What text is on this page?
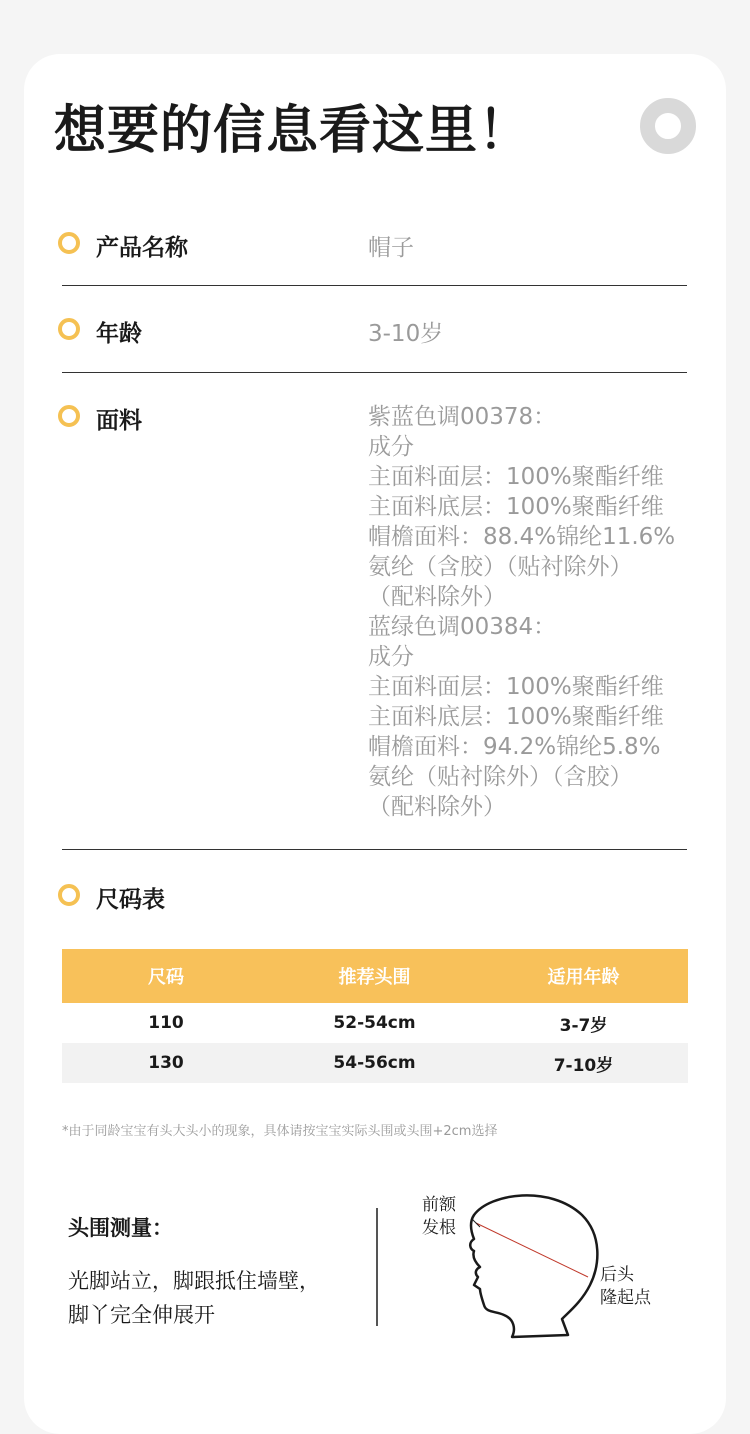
想要的信息看这里！
产品名称	帽子
年龄	3-10岁
面料	紫蓝色调00378：
成分
主面料面层：100%聚酯纤维
主面料底层：100%聚酯纤维
帽檐面料：88.4%锦纶11.6%
氨纶（含胶）（贴衬除外）
（配料除外）
蓝绿色调00384：
成分
主面料面层：100%聚酯纤维
主面料底层：100%聚酯纤维
帽檐面料：94.2%锦纶5.8%
氨纶（贴衬除外）（含胶）
（配料除外）
尺码表
尺码	推荐头围	适用年龄
110	52-54cm	3-7岁
130	54-56cm	7-10岁
*由于同龄宝宝有头大头小的现象，具体请按宝宝实际头围或头围+2cm选择
头围测量：
光脚站立，脚跟抵住墙壁，
脚丫完全伸展开
前额
发根
后头
隆起点
